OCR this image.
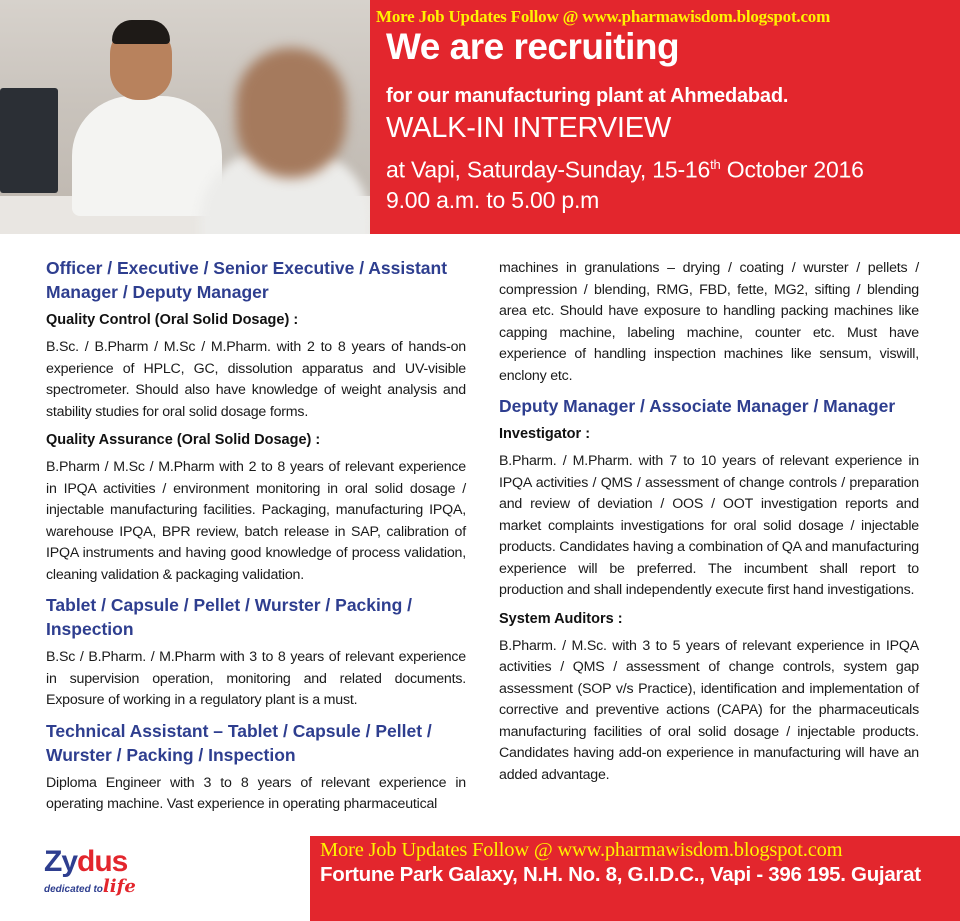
More Job Updates Follow @ www.pharmawisdom.blogspot.com

We are recruiting

for our manufacturing plant at Ahmedabad.

WALK-IN INTERVIEW

at Vapi, Saturday-Sunday, 15-16th October 2016

9.00 a.m. to 5.00 p.m

Officer / Executive / Senior Executive / Assistant Manager / Deputy Manager
Quality Control (Oral Solid Dosage) :

B.Sc. / B.Pharm / M.Sc / M.Pharm. with 2 to 8 years of hands-on experience of HPLC, GC, dissolution apparatus and UV-visible spectrometer. Should also have knowledge of weight analysis and stability studies for oral solid dosage forms.

Quality Assurance (Oral Solid Dosage) :

B.Pharm / M.Sc / M.Pharm with 2 to 8 years of relevant experience in IPQA activities / environment monitoring in oral solid dosage / injectable manufacturing facilities. Packaging, manufacturing IPQA, warehouse IPQA, BPR review, batch release in SAP, calibration of IPQA instruments and having good knowledge of process validation, cleaning validation & packaging validation.

Tablet / Capsule / Pellet / Wurster / Packing / Inspection

B.Sc / B.Pharm. / M.Pharm with 3 to 8 years of relevant experience in supervision operation, monitoring and related documents. Exposure of working in a regulatory plant is a must.

Technical Assistant – Tablet / Capsule / Pellet / Wurster / Packing / Inspection

Diploma Engineer with 3 to 8 years of relevant experience in operating machine. Vast experience in operating pharmaceutical

machines in granulations – drying / coating / wurster / pellets / compression / blending, RMG, FBD, fette, MG2, sifting / blending area etc. Should have exposure to handling packing machines like capping machine, labeling machine, counter etc. Must have experience of handling inspection machines like sensum, viswill, enclony etc.

Deputy Manager / Associate Manager / Manager
Investigator :

B.Pharm. / M.Pharm. with 7 to 10 years of relevant experience in IPQA activities / QMS / assessment of change controls / preparation and review of deviation / OOS / OOT investigation reports and market complaints investigations for oral solid dosage / injectable products. Candidates having a combination of QA and manufacturing experience will be preferred. The incumbent shall report to production and shall independently execute first hand investigations.

System Auditors :

B.Pharm. / M.Sc. with 3 to 5 years of relevant experience in IPQA activities / QMS / assessment of change controls, system gap assessment (SOP v/s Practice), identification and implementation of corrective and preventive actions (CAPA) for the pharmaceuticals manufacturing facilities of oral solid dosage / injectable products. Candidates having add-on experience in manufacturing will have an added advantage.

Zydus
dedicated tolife

More Job Updates Follow @ www.pharmawisdom.blogspot.com

Fortune Park Galaxy, N.H. No. 8, G.I.D.C., Vapi - 396 195. Gujarat
